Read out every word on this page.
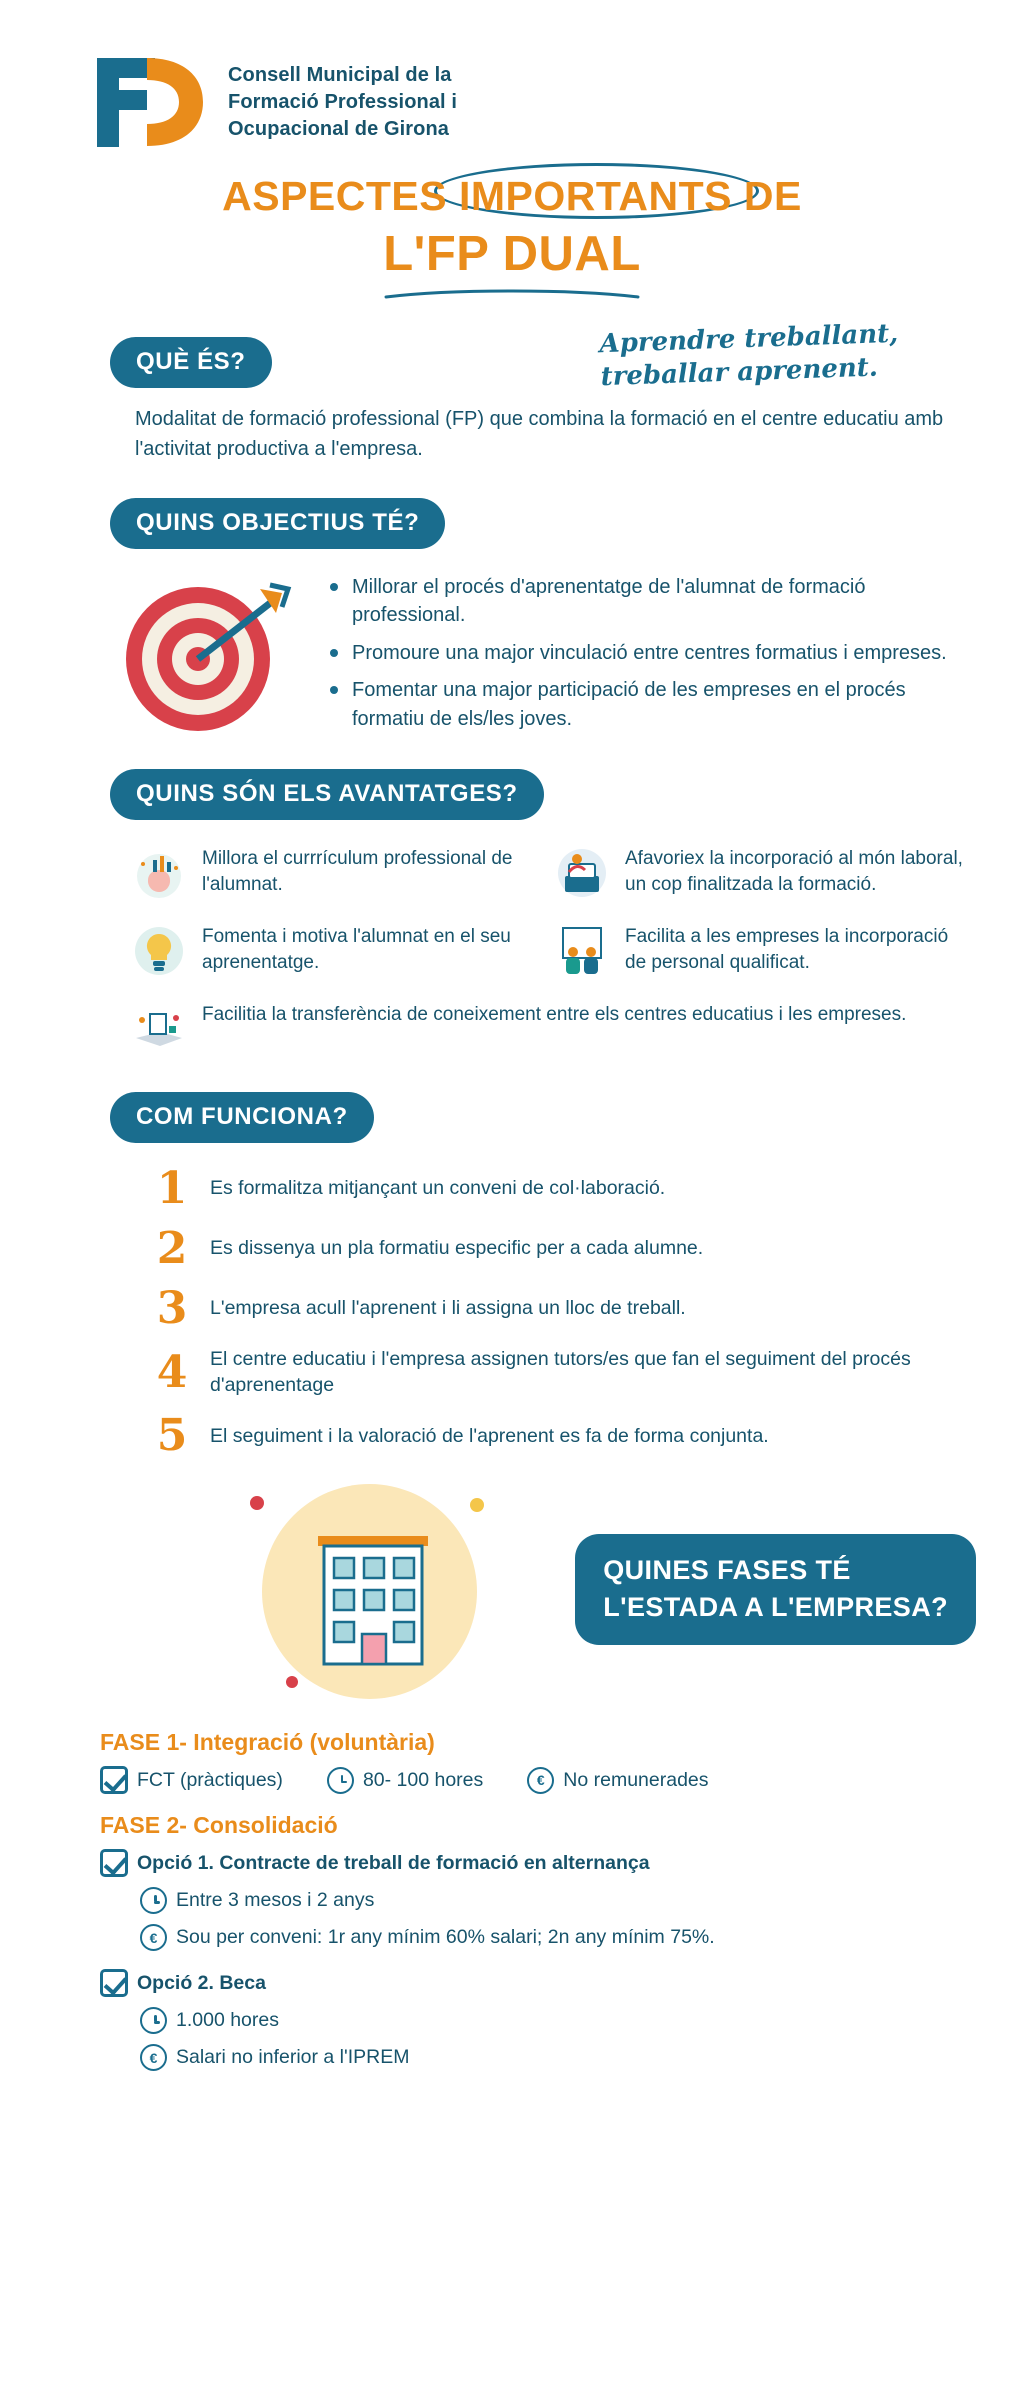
Consell Municipal de la
Formació Professional i
Ocupacional de Girona
ASPECTES IMPORTANTS DE
L'FP DUAL
Aprendre treballant,
treballar aprenent.
QUÈ ÉS?
Modalitat de formació professional (FP) que combina la formació en el centre educatiu amb l'activitat productiva a l'empresa.
QUINS OBJECTIUS TÉ?
Millorar el procés d'aprenentatge de l'alumnat de formació professional.
Promoure una major vinculació entre centres formatius i empreses.
Fomentar una major participació de les empreses en el procés formatiu de els/les joves.
QUINS SÓN ELS AVANTATGES?
Millora el currrículum professional de l'alumnat.
Afavoriex la incorporació al món laboral, un cop finalitzada la formació.
Fomenta i motiva l'alumnat en el seu aprenentatge.
Facilita a les empreses la incorporació de personal qualificat.
Facilitia la transferència de coneixement entre els centres educatius i les empreses.
COM FUNCIONA?
1	Es formalitza mitjançant un conveni de col·laboració.
2	Es dissenya un pla formatiu especific per a cada alumne.
3	L'empresa acull l'aprenent i li assigna un lloc de treball.
4	El centre educatiu i l'empresa assignen tutors/es que fan el seguiment del procés d'aprenentage
5	El seguiment i la valoració de l'aprenent es fa de forma conjunta.
QUINES FASES TÉ
L'ESTADA A L'EMPRESA?
FASE 1- Integració (voluntària)
FCT (pràctiques)	80- 100 hores	€ No remunerades
FASE 2- Consolidació
Opció 1. Contracte de treball de formació en alternança
Entre 3 mesos i 2 anys
€ Sou per conveni: 1r any mínim 60% salari; 2n any mínim 75%.
Opció 2. Beca
1.000 hores
€ Salari no inferior a l'IPREM
